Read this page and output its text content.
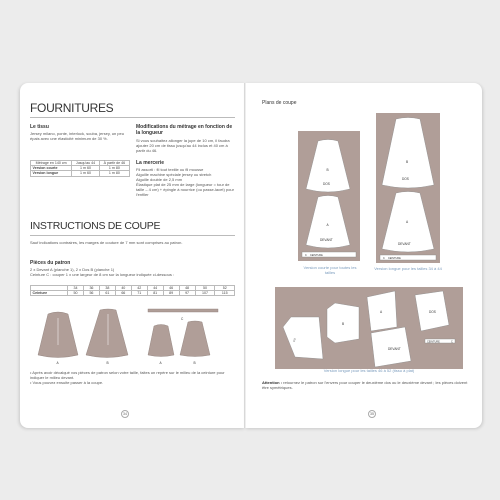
FOURNITURES
Le tissu
Jersey milano, ponte, interlock, scuba, jersey, un peu épais avec une élasticité minimum de 30 %.
Métrage en 140 cm	Jusqu'au 44	À partir de 46
Version courte	1 m 60	1 m 80
Version longue	1 m 60	1 m 80
Modifications du métrage en fonction de la longueur
Si vous souhaitez allonger la jupe de 10 cm, il faudra ajouter 20 cm de tissu jusqu'au 44 inclus et 40 cm à partir du 46.
La mercerie
Fil assorti : fil tout textile ou fil mousse
Aiguille machine spéciale jersey ou stretch
Aiguille double de 2,5 mm
Élastique plat de 25 mm de large (longueur = tour de taille – 4 cm) + épingle à nourrice (ou passe-lacet) pour l'enfiler
INSTRUCTIONS DE COUPE
Sauf indications contraires, les marges de couture de 7 mm sont comprises au patron.
Pièces du patron
2 x Devant A (planche 1), 2 x Dos B (planche 1)
Ceinture C : couper 1 x une largeur de 8 cm sur la longueur indiquée ci-dessous :
	34	36	38	40	42	44	46	48	50	52
Ceinture	50	56	61	66	71	81	89	97	107	115
A	B	A	B
C
• Après avoir décalqué vos pièces de patron selon votre taille, faites un repère sur le milieu de la ceinture pour indiquer le milieu devant.
• Vous pouvez ensuite passer à la coupe.
34
Plans de coupe
B
DOS
A
DEVANT
C CEINTURE
Version courte pour toutes les tailles
B
DOS
A
DEVANT
C CEINTURE
Version longue pour les tailles 34 à 44
PLI
B
A
DEVANT
DOS
CEINTURE	C
Version longue pour les tailles 46 à 52 (tissu à plat)
Attention : retournez le patron sur l'envers pour couper le deuxième dos ou le deuxième devant ; les pièces doivent être symétriques.
35
